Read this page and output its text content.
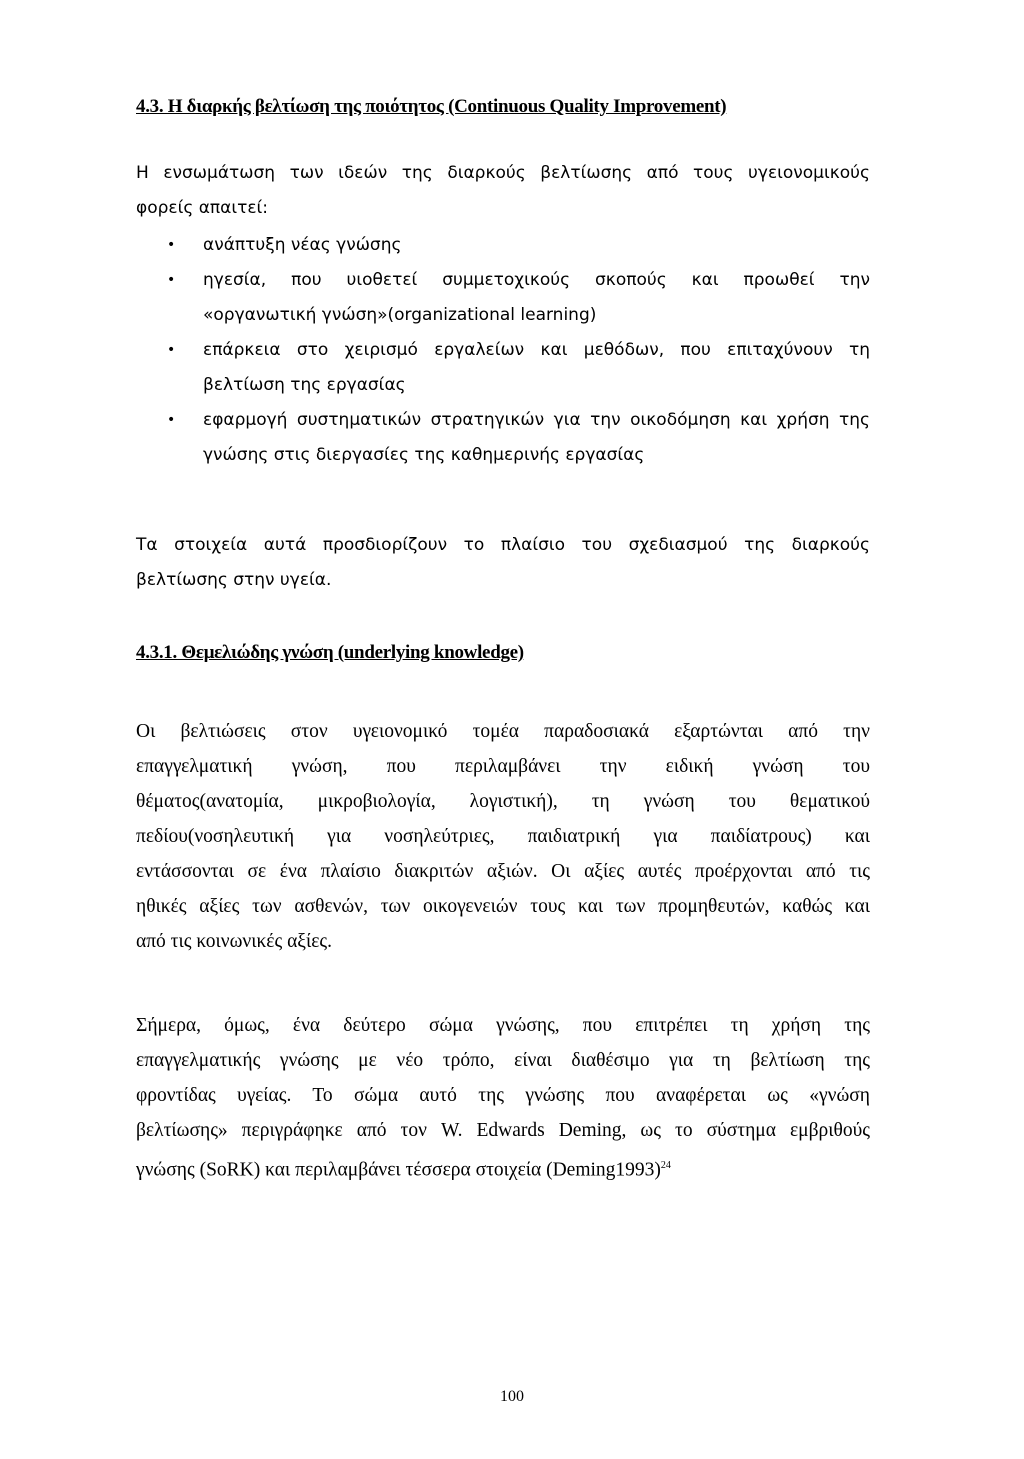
4.3. Η διαρκής βελτίωση της ποιότητος (Continuous Quality Improvement)
Η ενσωμάτωση των ιδεών της διαρκούς βελτίωσης από τους υγειονομικούς
φορείς απαιτεί:
• ανάπτυξη νέας γνώσης
• ηγεσία, που υιοθετεί συμμετοχικούς σκοπούς και προωθεί την
«οργανωτική γνώση»(organizational learning)
• επάρκεια στο χειρισμό εργαλείων και μεθόδων, που επιταχύνουν τη
βελτίωση της εργασίας
• εφαρμογή συστηματικών στρατηγικών για την οικοδόμηση και χρήση της
γνώσης στις διεργασίες της καθημερινής εργασίας
Τα στοιχεία αυτά προσδιορίζουν το πλαίσιο του σχεδιασμού της διαρκούς
βελτίωσης στην υγεία.
4.3.1. Θεμελιώδης γνώση (underlying knowledge)
Οι βελτιώσεις στον υγειονομικό τομέα παραδοσιακά εξαρτώνται από την
επαγγελματική γνώση, που περιλαμβάνει την ειδική γνώση του
θέματος(ανατομία, μικροβιολογία, λογιστική), τη γνώση του θεματικού
πεδίου(νοσηλευτική για νοσηλεύτριες, παιδιατρική για παιδίατρους) και
εντάσσονται σε ένα πλαίσιο διακριτών αξιών. Οι αξίες αυτές προέρχονται από τις
ηθικές αξίες των ασθενών, των οικογενειών τους και των προμηθευτών, καθώς και
από τις κοινωνικές αξίες.
Σήμερα, όμως, ένα δεύτερο σώμα γνώσης, που επιτρέπει τη χρήση της
επαγγελματικής γνώσης με νέο τρόπο, είναι διαθέσιμο για τη βελτίωση της
φροντίδας υγείας. Το σώμα αυτό της γνώσης που αναφέρεται ως «γνώση
βελτίωσης» περιγράφηκε από τον W. Edwards Deming, ως το σύστημα εμβριθούς
γνώσης (SoRK) και περιλαμβάνει τέσσερα στοιχεία (Deming1993)$^{24}$
100
